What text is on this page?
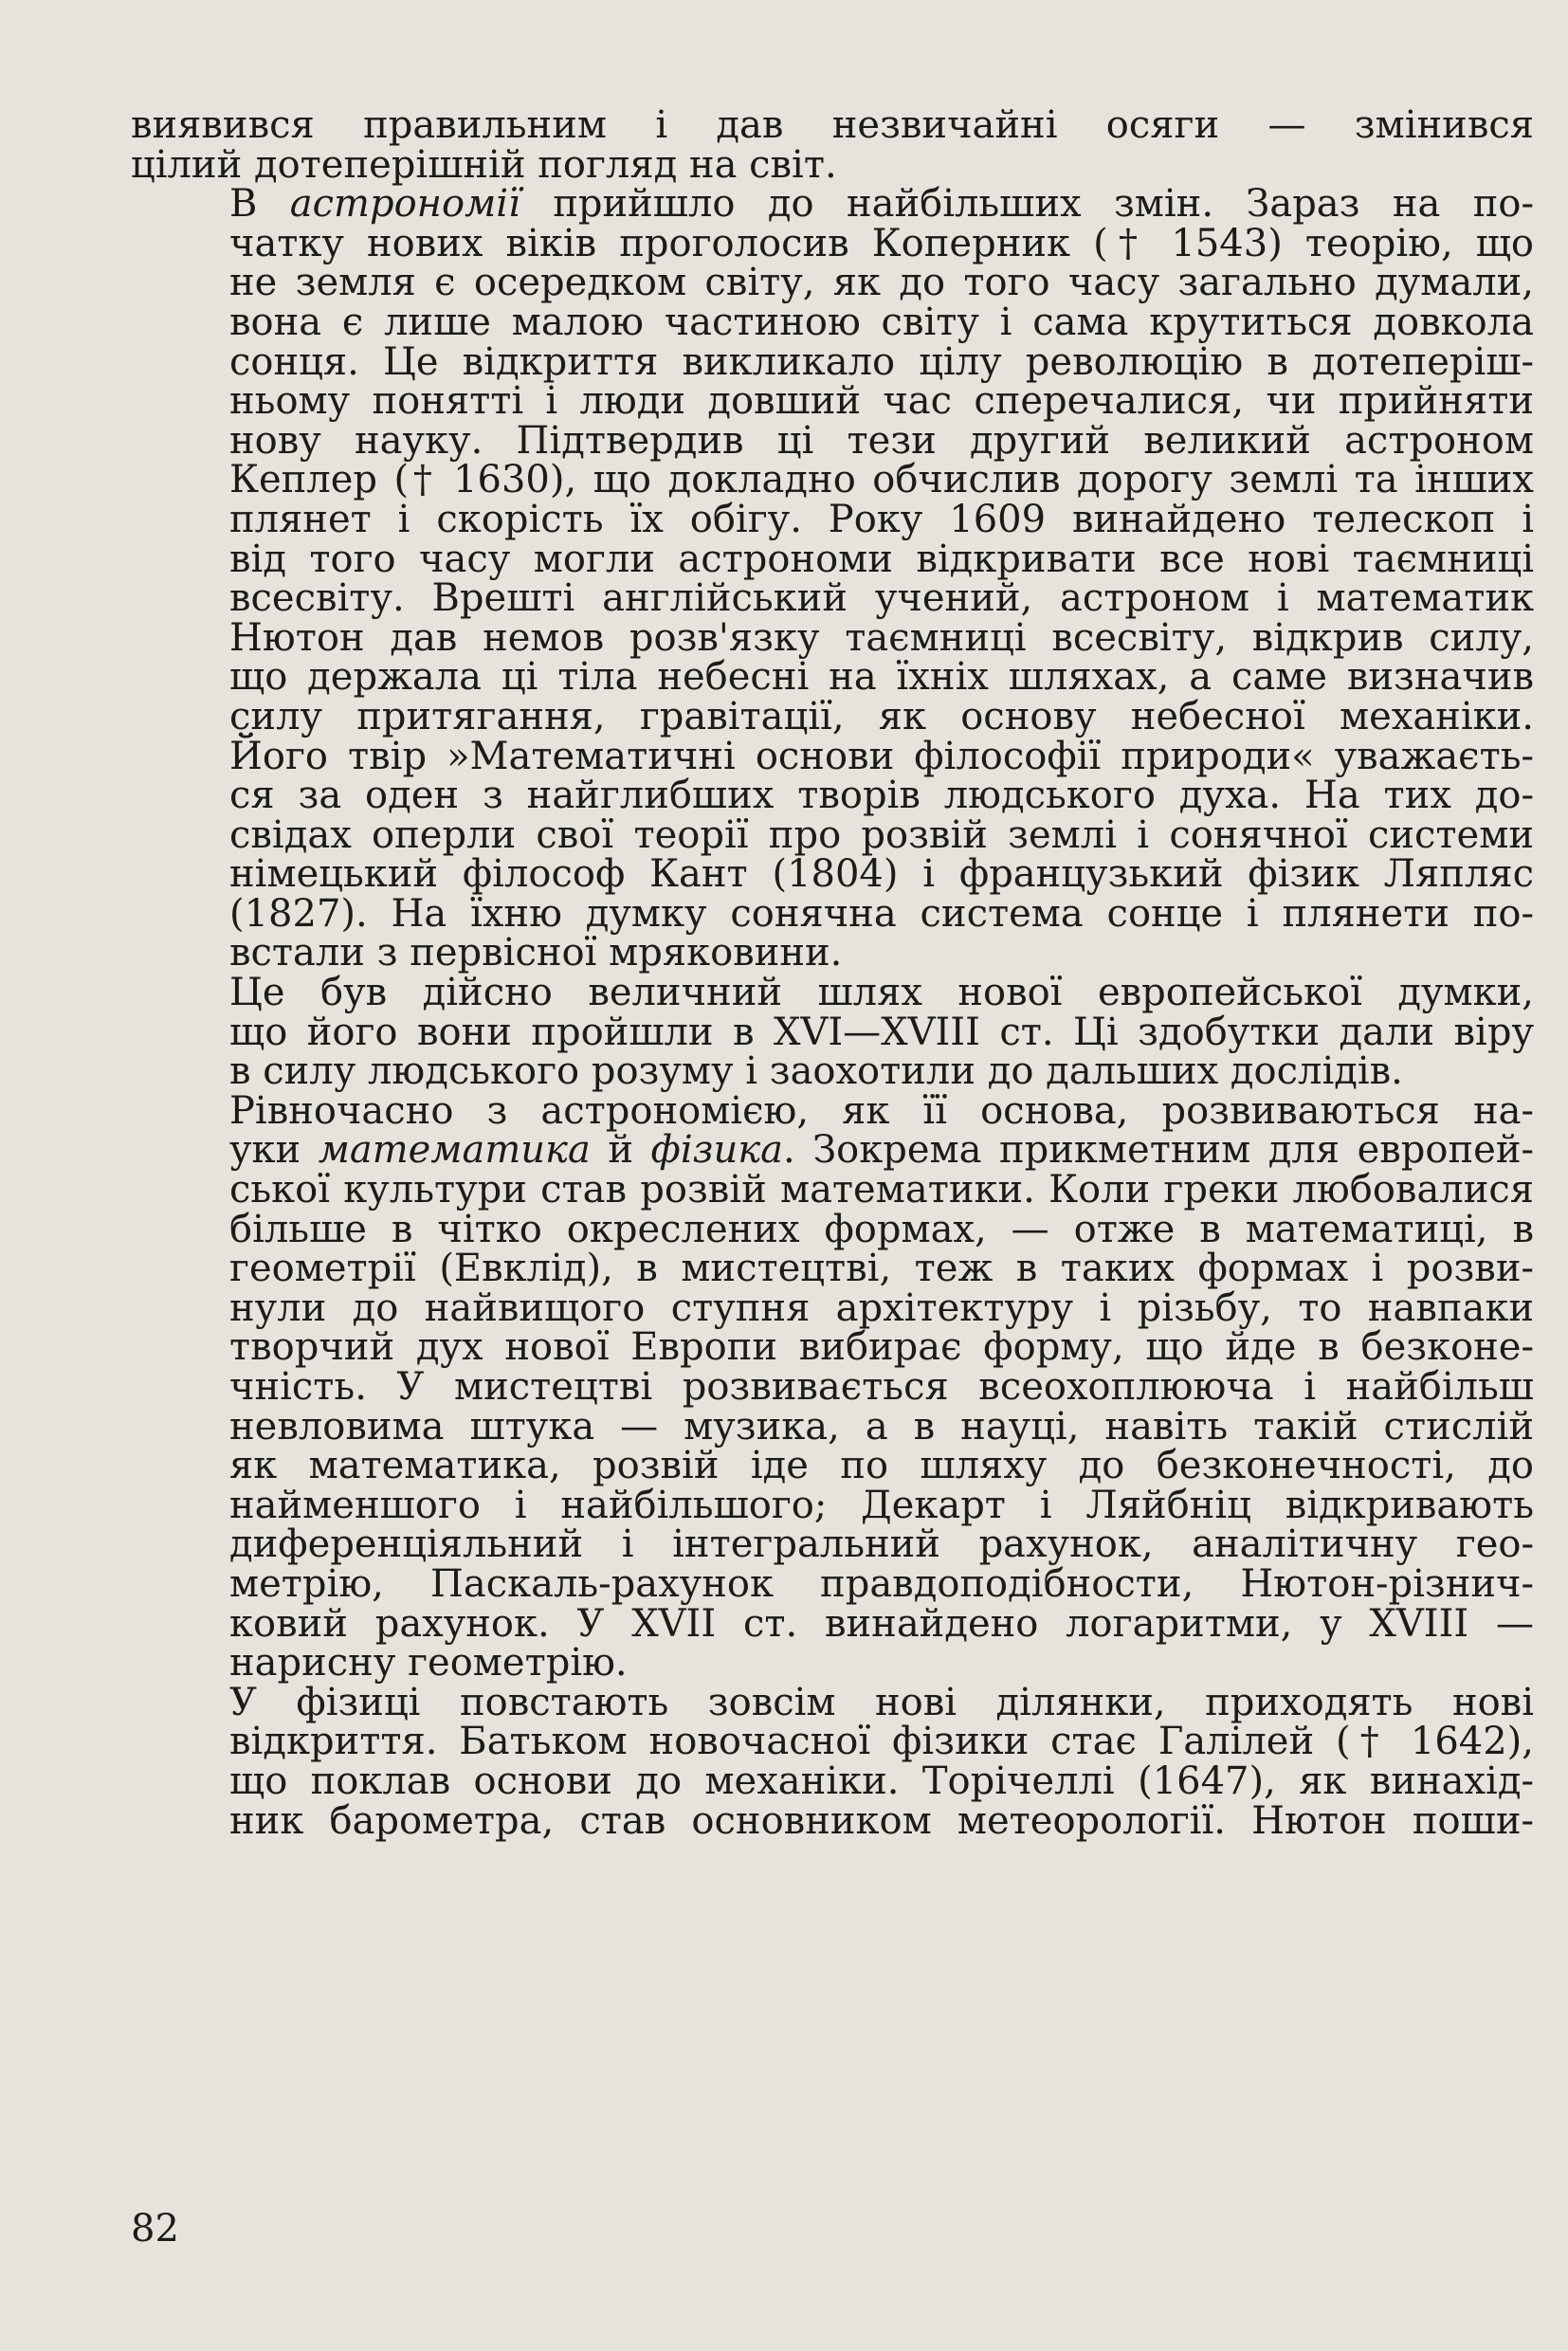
виявився правильним і дав незвичайні осяги — змінився
цілий дотеперішній погляд на світ.

В астрономії прийшло до найбільших змін. Зараз на по-
чатку нових віків проголосив Коперник († 1543) теорію, що
не земля є осередком світу, як до того часу загально думали,
вона є лише малою частиною світу і сама крутиться довкола
сонця. Це відкриття викликало цілу революцію в дотеперіш-
ньому понятті і люди довший час сперечалися, чи прийняти
нову науку. Підтвердив ці тези другий великий астроном
Кеплер († 1630), що докладно обчислив дорогу землі та інших
плянет і скорість їх обігу. Року 1609 винайдено телескоп і
від того часу могли астрономи відкривати все нові таємниці
всесвіту. Врешті англійський учений, астроном і математик
Нютон дав немов розв'язку таємниці всесвіту, відкрив силу,
що держала ці тіла небесні на їхніх шляхах, а саме визначив
силу притягання, гравітації, як основу небесної механіки.
Його твір »Математичні основи філософії природи« уважаєть-
ся за оден з найглибших творів людського духа. На тих до-
свідах оперли свої теорії про розвій землі і сонячної системи
німецький філософ Кант (1804) і французький фізик Ляпляс
(1827). На їхню думку сонячна система сонце і плянети по-
встали з первісної мряковини.

Це був дійсно величний шлях нової европейської думки,
що його вони пройшли в XVI—XVIII ст. Ці здобутки дали віру
в силу людського розуму і заохотили до дальших дослідів.

Рівночасно з астрономією, як її основа, розвиваються на-
уки математика й фізика. Зокрема прикметним для европей-
ської культури став розвій математики. Коли греки любовалися
більше в чітко окреслених формах, — отже в математиці, в
геометрії (Евклід), в мистецтві, теж в таких формах і розви-
нули до найвищого ступня архітектуру і різьбу, то навпаки
творчий дух нової Европи вибирає форму, що йде в безконе-
чність. У мистецтві розвивається всеохоплююча і найбільш
невловима штука — музика, а в науці, навіть такій стислій
як математика, розвій іде по шляху до безконечності, до
найменшого і найбільшого; Декарт і Ляйбніц відкривають
диференціяльний і інтегральний рахунок, аналітичну гео-
метрію, Паскаль-рахунок правдоподібности, Нютон-різнич-
ковий рахунок. У XVII ст. винайдено логаритми, у XVIII —
нарисну геометрію.

У фізиці повстають зовсім нові ділянки, приходять нові
відкриття. Батьком новочасної фізики стає Галілей († 1642),
що поклав основи до механіки. Торічеллі (1647), як винахід-
ник барометра, став основником метеорології. Нютон поши-

82
